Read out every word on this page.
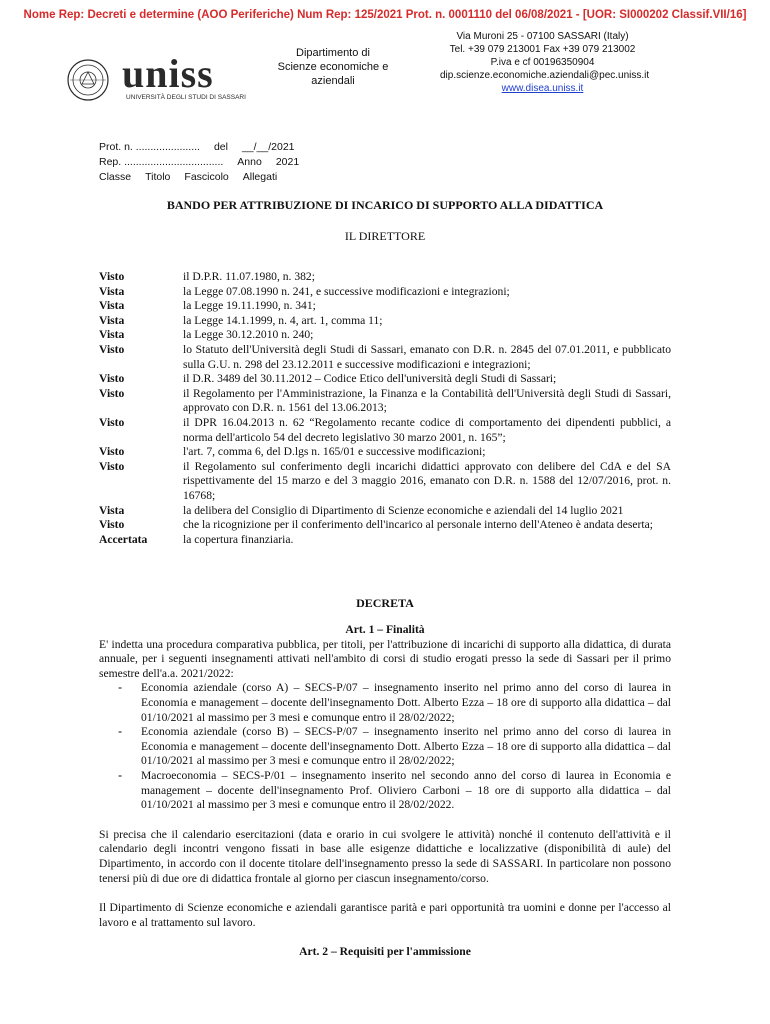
Nome Rep: Decreti e determine (AOO Periferiche) Num Rep: 125/2021 Prot. n. 0001110 del 06/08/2021 - [UOR: SI000202 Classif.VII/16]
uniss
UNIVERSITÀ DEGLI STUDI DI SASSARI
Dipartimento di
Scienze economiche e aziendali
Via Muroni 25 - 07100 SASSARI (Italy)
Tel. +39 079 213001 Fax +39 079 213002
P.iva e cf 00196350904
dip.scienze.economiche.aziendali@pec.uniss.it
www.disea.uniss.it
Prot. n. ...................... del __/__/2021
Rep. .................................. Anno 2021
Classe Titolo Fascicolo Allegati
BANDO PER ATTRIBUZIONE DI INCARICO DI SUPPORTO ALLA DIDATTICA
IL DIRETTORE
Visto	il D.P.R. 11.07.1980, n. 382;
Vista	la Legge 07.08.1990 n. 241, e successive modificazioni e integrazioni;
Vista	la Legge 19.11.1990, n. 341;
Vista	la Legge 14.1.1999, n. 4, art. 1, comma 11;
Vista	la Legge 30.12.2010 n. 240;
Visto	lo Statuto dell'Università degli Studi di Sassari, emanato con D.R. n. 2845 del 07.01.2011, e pubblicato sulla G.U. n. 298 del 23.12.2011 e successive modificazioni e integrazioni;
Visto	il D.R. 3489 del 30.11.2012 – Codice Etico dell'università degli Studi di Sassari;
Visto	il Regolamento per l'Amministrazione, la Finanza e la Contabilità dell'Università degli Studi di Sassari, approvato con D.R. n. 1561 del 13.06.2013;
Visto	il DPR 16.04.2013 n. 62 “Regolamento recante codice di comportamento dei dipendenti pubblici, a norma dell'articolo 54 del decreto legislativo 30 marzo 2001, n. 165”;
Visto	l'art. 7, comma 6, del D.lgs n. 165/01 e successive modificazioni;
Visto	il Regolamento sul conferimento degli incarichi didattici approvato con delibere del CdA e del SA rispettivamente del 15 marzo e del 3 maggio 2016, emanato con D.R. n. 1588 del 12/07/2016, prot. n. 16768;
Vista	la delibera del Consiglio di Dipartimento di Scienze economiche e aziendali del 14 luglio 2021
Visto	che la ricognizione per il conferimento dell'incarico al personale interno dell'Ateneo è andata deserta;
Accertata	la copertura finanziaria.
DECRETA
Art. 1 – Finalità

E' indetta una procedura comparativa pubblica, per titoli, per l'attribuzione di incarichi di supporto alla didattica, di durata annuale, per i seguenti insegnamenti attivati nell'ambito di corsi di studio erogati presso la sede di Sassari per il primo semestre dell'a.a. 2021/2022:

-	Economia aziendale (corso A) – SECS-P/07 – insegnamento inserito nel primo anno del corso di laurea in Economia e management – docente dell'insegnamento Dott. Alberto Ezza – 18 ore di supporto alla didattica – dal 01/10/2021 al massimo per 3 mesi e comunque entro il 28/02/2022;
-	Economia aziendale (corso B) – SECS-P/07 – insegnamento inserito nel primo anno del corso di laurea in Economia e management – docente dell'insegnamento Dott. Alberto Ezza – 18 ore di supporto alla didattica – dal 01/10/2021 al massimo per 3 mesi e comunque entro il 28/02/2022;
-	Macroeconomia – SECS-P/01 – insegnamento inserito nel secondo anno del corso di laurea in Economia e management – docente dell'insegnamento Prof. Oliviero Carboni – 18 ore di supporto alla didattica – dal 01/10/2021 al massimo per 3 mesi e comunque entro il 28/02/2022.

Si precisa che il calendario esercitazioni (data e orario in cui svolgere le attività) nonché il contenuto dell'attività e il calendario degli incontri vengono fissati in base alle esigenze didattiche e localizzative (disponibilità di aule) del Dipartimento, in accordo con il docente titolare dell'insegnamento presso la sede di SASSARI. In particolare non possono tenersi più di due ore di didattica frontale al giorno per ciascun insegnamento/corso.

Il Dipartimento di Scienze economiche e aziendali garantisce parità e pari opportunità tra uomini e donne per l'accesso al lavoro e al trattamento sul lavoro.

Art. 2 – Requisiti per l'ammissione
